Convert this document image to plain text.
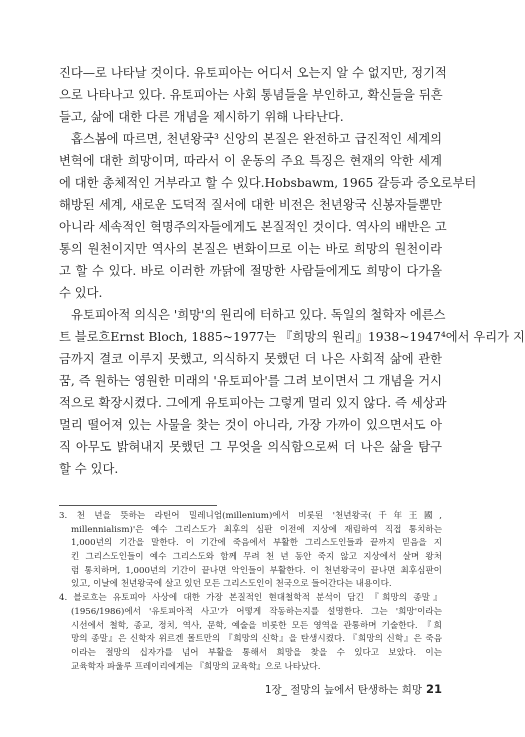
진다—로 나타날 것이다. 유토피아는 어디서 오는지 알 수 없지만, 정기적
으로 나타나고 있다. 유토피아는 사회 통념들을 부인하고, 확신들을 뒤흔
들고, 삶에 대한 다른 개념을 제시하기 위해 나타난다.
홉스봄에 따르면, 천년왕국³ 신앙의 본질은 완전하고 급진적인 세계의
변혁에 대한 희망이며, 따라서 이 운동의 주요 특징은 현재의 악한 세계
에 대한 총체적인 거부라고 할 수 있다.Hobsbawm, 1965 갈등과 증오로부터
해방된 세계, 새로운 도덕적 질서에 대한 비전은 천년왕국 신봉자들뿐만
아니라 세속적인 혁명주의자들에게도 본질적인 것이다. 역사의 배반은 고
통의 원천이지만 역사의 본질은 변화이므로 이는 바로 희망의 원천이라
고 할 수 있다. 바로 이러한 까닭에 절망한 사람들에게도 희망이 다가올
수 있다.
유토피아적 의식은 '희망'의 원리에 터하고 있다. 독일의 철학자 에른스
트 블로흐Ernst Bloch, 1885~1977는 『희망의 원리』1938~1947⁴에서 우리가 지
금까지 결코 이루지 못했고, 의식하지 못했던 더 나은 사회적 삶에 관한
꿈, 즉 원하는 영원한 미래의 '유토피아'를 그려 보이면서 그 개념을 거시
적으로 확장시켰다. 그에게 유토피아는 그렇게 멀리 있지 않다. 즉 세상과
멀리 떨어져 있는 사물을 찾는 것이 아니라, 가장 가까이 있으면서도 아
직 아무도 밝혀내지 못했던 그 무엇을 의식함으로써 더 나은 삶을 탐구
할 수 있다.
3. 천 년을 뜻하는 라틴어 밀레니엄(millenium)에서 비롯된 '천년왕국(千年王國,
millennialism)'은 예수 그리스도가 최후의 심판 이전에 지상에 재림하여 직접 통치하는
1,000년의 기간을 말한다. 이 기간에 죽음에서 부활한 그리스도인들과 끝까지 믿음을 지
킨 그리스도인들이 예수 그리스도와 함께 무려 천 년 동안 죽지 않고 지상에서 살며 왕처
럼 통치하며, 1,000년의 기간이 끝나면 악인들이 부활한다. 이 천년왕국이 끝나면 최후심판이
있고, 이날에 천년왕국에 살고 있던 모든 그리스도인이 천국으로 들어간다는 내용이다.
4. 블로흐는 유토피아 사상에 대한 가장 본질적인 현대철학적 분석이 담긴 『희망의 종말』
(1956/1986)에서 '유토피아적 사고'가 어떻게 작동하는지를 설명한다. 그는 '희망'이라는
시선에서 철학, 종교, 정치, 역사, 문학, 예술을 비롯한 모든 영역을 관통하며 기술한다. 『희
망의 종말』은 신학자 위르겐 몰트만의 『희망의 신학』을 탄생시켰다. 『희망의 신학』은 죽음
이라는 절망의 십자가를 넘어 부활을 통해서 희망을 찾을 수 있다고 보았다. 이는
교육학자 파울루 프레이리에게는 『희망의 교육학』으로 나타났다.
1장_ 절망의 늪에서 탄생하는 희망 21
